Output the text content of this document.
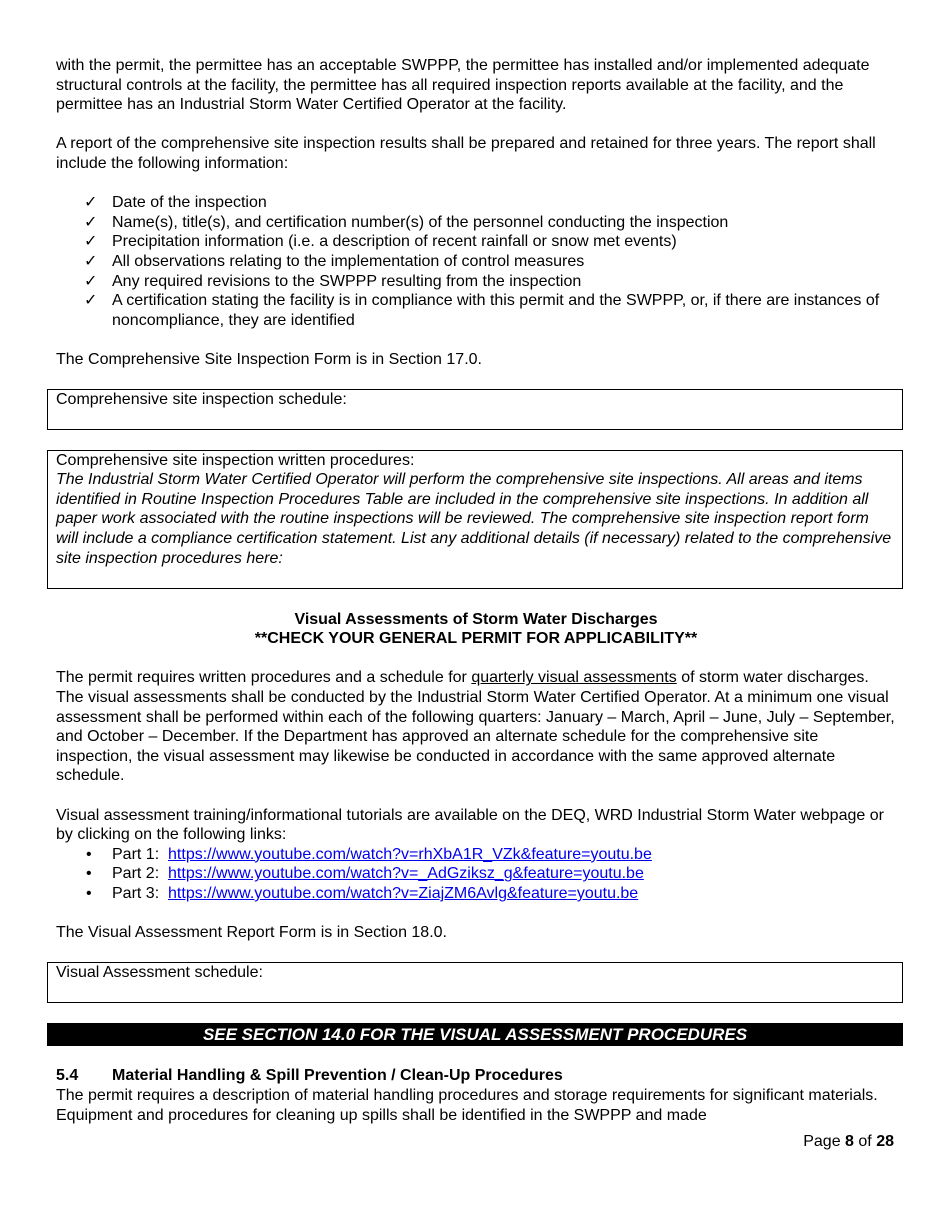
with the permit, the permittee has an acceptable SWPPP, the permittee has installed and/or implemented adequate structural controls at the facility, the permittee has all required inspection reports available at the facility, and the permittee has an Industrial Storm Water Certified Operator at the facility.

A report of the comprehensive site inspection results shall be prepared and retained for three years. The report shall include the following information:

✓ Date of the inspection
✓ Name(s), title(s), and certification number(s) of the personnel conducting the inspection
✓ Precipitation information (i.e. a description of recent rainfall or snow met events)
✓ All observations relating to the implementation of control measures
✓ Any required revisions to the SWPPP resulting from the inspection
✓ A certification stating the facility is in compliance with this permit and the SWPPP, or, if there are instances of noncompliance, they are identified

The Comprehensive Site Inspection Form is in Section 17.0.

Comprehensive site inspection schedule:
Comprehensive site inspection written procedures:
The Industrial Storm Water Certified Operator will perform the comprehensive site inspections. All areas and items identified in Routine Inspection Procedures Table are included in the comprehensive site inspections. In addition all paper work associated with the routine inspections will be reviewed. The comprehensive site inspection report form will include a compliance certification statement. List any additional details (if necessary) related to the comprehensive site inspection procedures here:
Visual Assessments of Storm Water Discharges
**CHECK YOUR GENERAL PERMIT FOR APPLICABILITY**

The permit requires written procedures and a schedule for quarterly visual assessments of storm water discharges. The visual assessments shall be conducted by the Industrial Storm Water Certified Operator. At a minimum one visual assessment shall be performed within each of the following quarters: January – March, April – June, July – September, and October – December. If the Department has approved an alternate schedule for the comprehensive site inspection, the visual assessment may likewise be conducted in accordance with the same approved alternate schedule.

Visual assessment training/informational tutorials are available on the DEQ, WRD Industrial Storm Water webpage or by clicking on the following links:

• Part 1: https://www.youtube.com/watch?v=rhXbA1R_VZk&feature=youtu.be
• Part 2: https://www.youtube.com/watch?v=_AdGziksz_g&feature=youtu.be
• Part 3: https://www.youtube.com/watch?v=ZiajZM6Avlg&feature=youtu.be

The Visual Assessment Report Form is in Section 18.0.

Visual Assessment schedule:
SEE SECTION 14.0 FOR THE VISUAL ASSESSMENT PROCEDURES
5.4 Material Handling & Spill Prevention / Clean-Up Procedures

The permit requires a description of material handling procedures and storage requirements for significant materials. Equipment and procedures for cleaning up spills shall be identified in the SWPPP and made

Page 8 of 28
